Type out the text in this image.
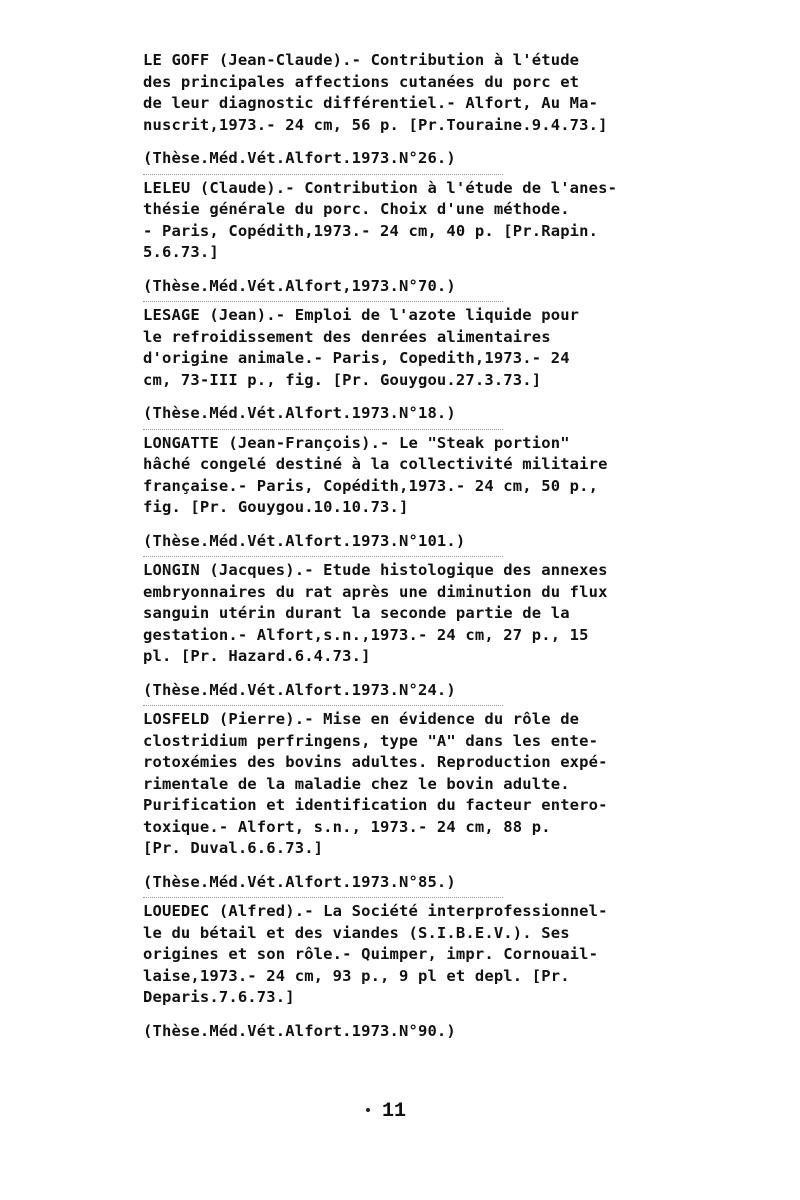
LE GOFF (Jean-Claude).- Contribution à l'étude
des principales affections cutanées du porc et
de leur diagnostic différentiel.- Alfort, Au Ma-
nuscrit,1973.- 24 cm, 56 p. [Pr.Touraine.9.4.73.]
(Thèse.Méd.Vét.Alfort.1973.N°26.)
LELEU (Claude).- Contribution à l'étude de l'anes-
thésie générale du porc. Choix d'une méthode.
- Paris, Copédith,1973.- 24 cm, 40 p. [Pr.Rapin.
5.6.73.]
(Thèse.Méd.Vét.Alfort,1973.N°70.)
LESAGE (Jean).- Emploi de l'azote liquide pour
le refroidissement des denrées alimentaires
d'origine animale.- Paris, Copedith,1973.- 24
cm, 73-III p., fig. [Pr. Gouygou.27.3.73.]
(Thèse.Méd.Vét.Alfort.1973.N°18.)
LONGATTE (Jean-François).- Le "Steak portion"
hâché congelé destiné à la collectivité militaire
française.- Paris, Copédith,1973.- 24 cm, 50 p.,
fig. [Pr. Gouygou.10.10.73.]
(Thèse.Méd.Vét.Alfort.1973.N°101.)
LONGIN (Jacques).- Etude histologique des annexes
embryonnaires du rat après une diminution du flux
sanguin utérin durant la seconde partie de la
gestation.- Alfort,s.n.,1973.- 24 cm, 27 p., 15
pl. [Pr. Hazard.6.4.73.]
(Thèse.Méd.Vét.Alfort.1973.N°24.)
LOSFELD (Pierre).- Mise en évidence du rôle de
clostridium perfringens, type "A" dans les ente-
rotoxémies des bovins adultes. Reproduction expé-
rimentale de la maladie chez le bovin adulte.
Purification et identification du facteur entero-
toxique.- Alfort, s.n., 1973.- 24 cm, 88 p.
[Pr. Duval.6.6.73.]
(Thèse.Méd.Vét.Alfort.1973.N°85.)
LOUEDEC (Alfred).- La Société interprofessionnel-
le du bétail et des viandes (S.I.B.E.V.). Ses
origines et son rôle.- Quimper, impr. Cornouail-
laise,1973.- 24 cm, 93 p., 9 pl et depl. [Pr.
Deparis.7.6.73.]
(Thèse.Méd.Vét.Alfort.1973.N°90.)
11
